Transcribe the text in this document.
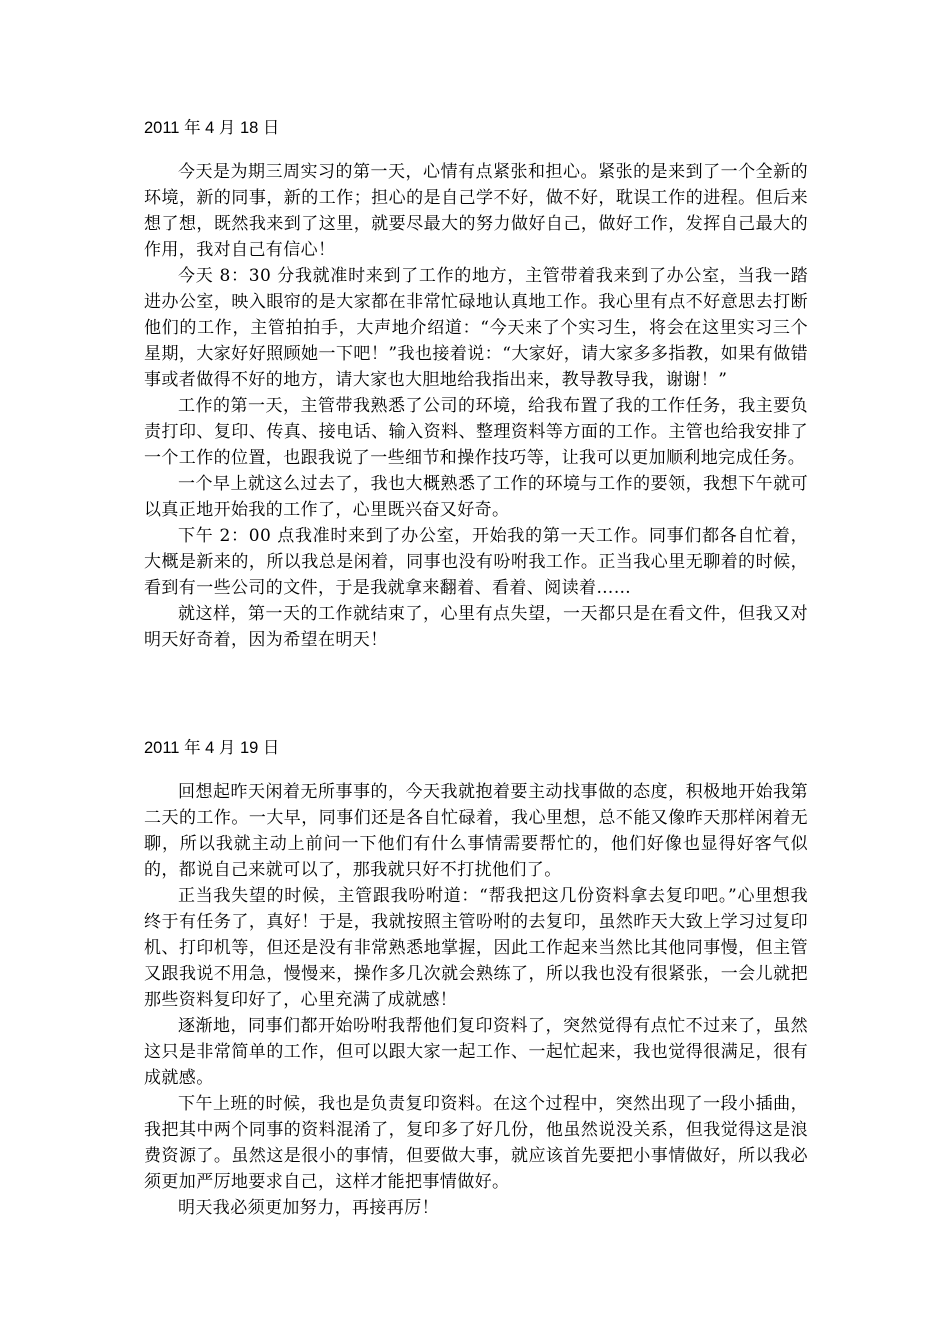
2011 年 4 月 18 日

今天是为期三周实习的第一天，心情有点紧张和担心。紧张的是来到了一个全新的环境，新的同事，新的工作；担心的是自己学不好，做不好，耽误工作的进程。但后来想了想，既然我来到了这里，就要尽最大的努力做好自己，做好工作，发挥自己最大的作用，我对自己有信心！

今天 8：30 分我就准时来到了工作的地方，主管带着我来到了办公室，当我一踏进办公室，映入眼帘的是大家都在非常忙碌地认真地工作。我心里有点不好意思去打断他们的工作，主管拍拍手，大声地介绍道：“今天来了个实习生，将会在这里实习三个星期，大家好好照顾她一下吧！”我也接着说：“大家好，请大家多多指教，如果有做错事或者做得不好的地方，请大家也大胆地给我指出来，教导教导我，谢谢！”

工作的第一天，主管带我熟悉了公司的环境，给我布置了我的工作任务，我主要负责打印、复印、传真、接电话、输入资料、整理资料等方面的工作。主管也给我安排了一个工作的位置，也跟我说了一些细节和操作技巧等，让我可以更加顺利地完成任务。

一个早上就这么过去了，我也大概熟悉了工作的环境与工作的要领，我想下午就可以真正地开始我的工作了，心里既兴奋又好奇。

下午 2：00 点我准时来到了办公室，开始我的第一天工作。同事们都各自忙着，大概是新来的，所以我总是闲着，同事也没有吩咐我工作。正当我心里无聊着的时候，看到有一些公司的文件，于是我就拿来翻着、看着、阅读着……

就这样，第一天的工作就结束了，心里有点失望，一天都只是在看文件，但我又对明天好奇着，因为希望在明天！

2011 年 4 月 19 日

回想起昨天闲着无所事事的，今天我就抱着要主动找事做的态度，积极地开始我第二天的工作。一大早，同事们还是各自忙碌着，我心里想，总不能又像昨天那样闲着无聊，所以我就主动上前问一下他们有什么事情需要帮忙的，他们好像也显得好客气似的，都说自己来就可以了，那我就只好不打扰他们了。

正当我失望的时候，主管跟我吩咐道：“帮我把这几份资料拿去复印吧。”心里想我终于有任务了，真好！于是，我就按照主管吩咐的去复印，虽然昨天大致上学习过复印机、打印机等，但还是没有非常熟悉地掌握，因此工作起来当然比其他同事慢，但主管又跟我说不用急，慢慢来，操作多几次就会熟练了，所以我也没有很紧张，一会儿就把那些资料复印好了，心里充满了成就感！

逐渐地，同事们都开始吩咐我帮他们复印资料了，突然觉得有点忙不过来了，虽然这只是非常简单的工作，但可以跟大家一起工作、一起忙起来，我也觉得很满足，很有成就感。

下午上班的时候，我也是负责复印资料。在这个过程中，突然出现了一段小插曲，我把其中两个同事的资料混淆了，复印多了好几份，他虽然说没关系，但我觉得这是浪费资源了。虽然这是很小的事情，但要做大事，就应该首先要把小事情做好，所以我必须更加严厉地要求自己，这样才能把事情做好。

明天我必须更加努力，再接再厉！
